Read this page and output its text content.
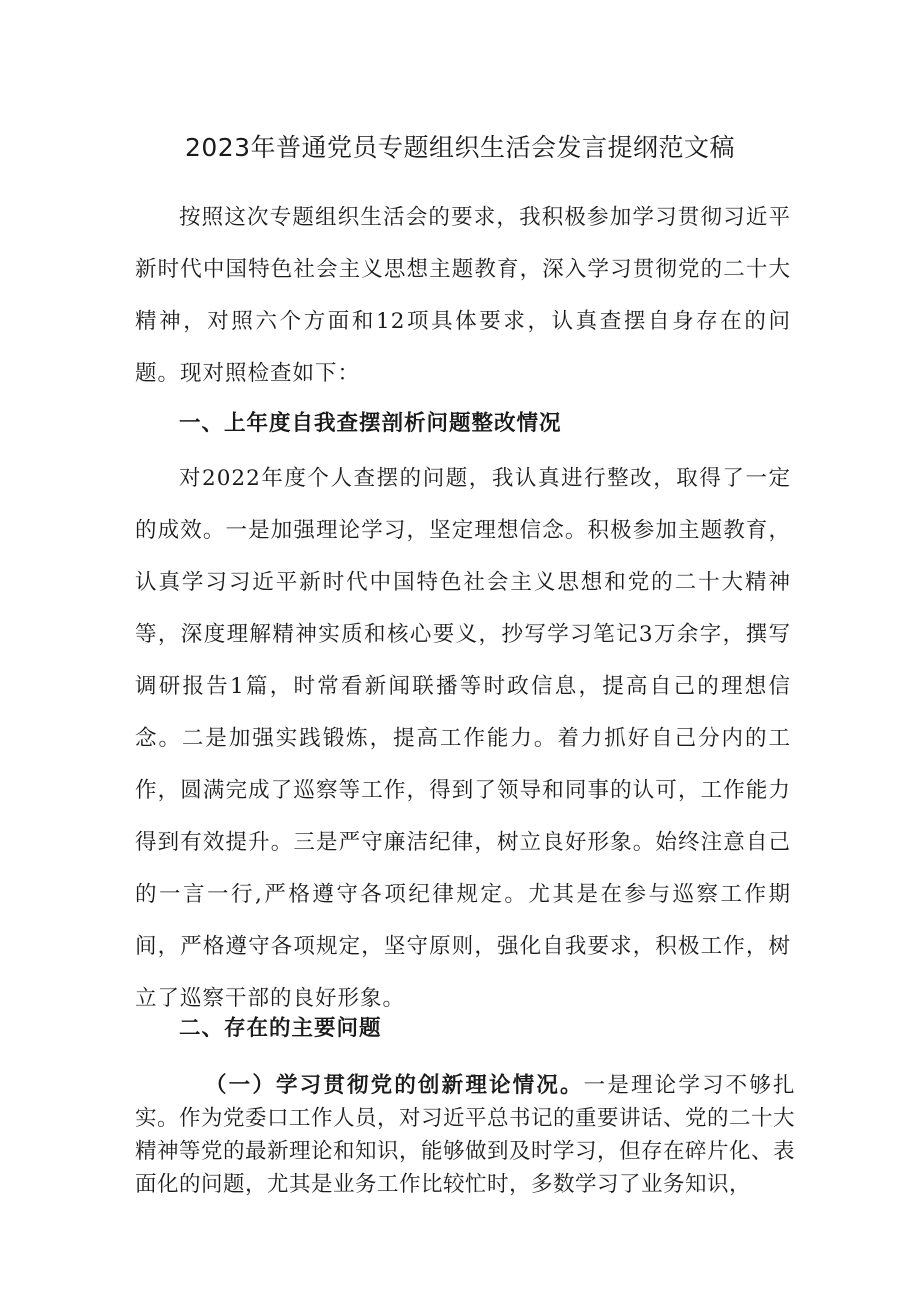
2023年普通党员专题组织生活会发言提纲范文稿

按照这次专题组织生活会的要求，我积极参加学习贯彻习近平新时代中国特色社会主义思想主题教育，深入学习贯彻党的二十大精神，对照六个方面和12项具体要求，认真查摆自身存在的问题。现对照检查如下：

一、上年度自我查摆剖析问题整改情况

对2022年度个人查摆的问题，我认真进行整改，取得了一定的成效。一是加强理论学习，坚定理想信念。积极参加主题教育，认真学习习近平新时代中国特色社会主义思想和党的二十大精神等，深度理解精神实质和核心要义，抄写学习笔记3万余字，撰写调研报告1篇，时常看新闻联播等时政信息，提高自己的理想信念。二是加强实践锻炼，提高工作能力。着力抓好自己分内的工作，圆满完成了巡察等工作，得到了领导和同事的认可，工作能力得到有效提升。三是严守廉洁纪律，树立良好形象。始终注意自己的一言一行,严格遵守各项纪律规定。尤其是在参与巡察工作期间，严格遵守各项规定，坚守原则，强化自我要求，积极工作，树立了巡察干部的良好形象。

二、存在的主要问题

（一）学习贯彻党的创新理论情况。一是理论学习不够扎实。作为党委口工作人员，对习近平总书记的重要讲话、党的二十大精神等党的最新理论和知识，能够做到及时学习，但存在碎片化、表面化的问题，尤其是业务工作比较忙时，多数学习了业务知识，
